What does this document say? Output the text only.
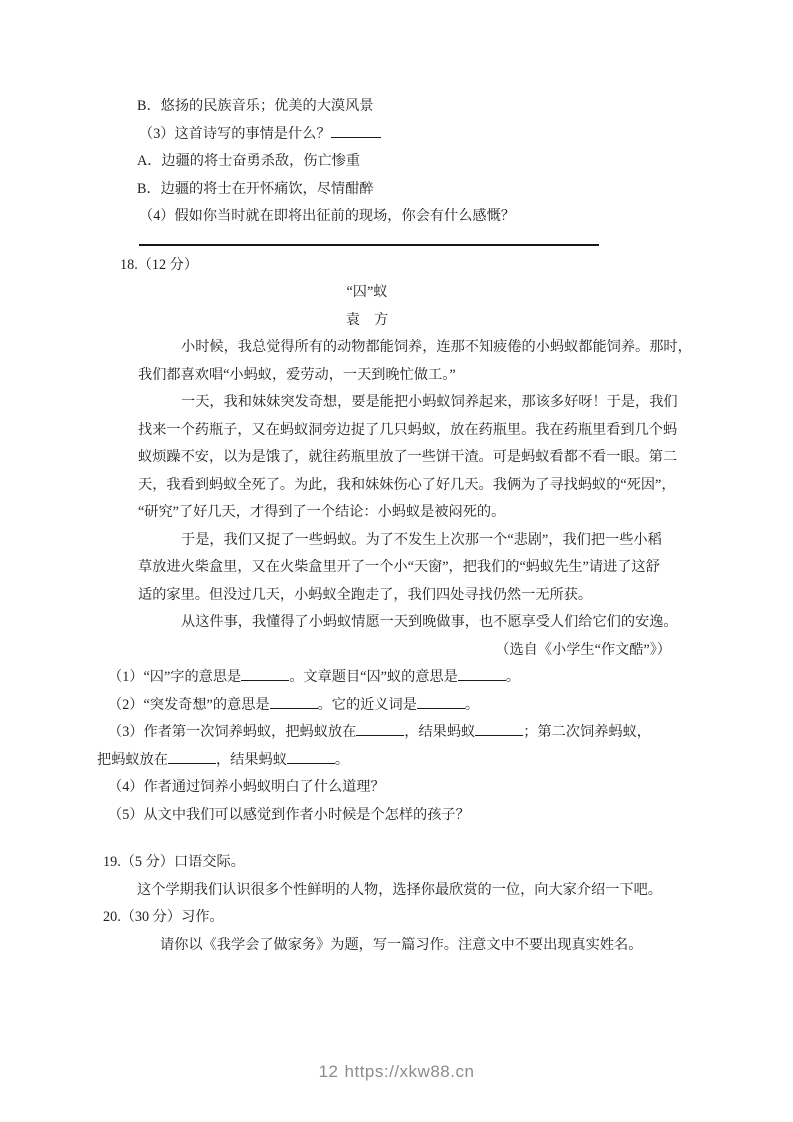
B．悠扬的民族音乐；优美的大漠风景
（3）这首诗写的事情是什么？
A．边疆的将士奋勇杀敌，伤亡惨重
B．边疆的将士在开怀痛饮，尽情酣醉
（4）假如你当时就在即将出征前的现场，你会有什么感慨？
18.（12 分）
“囚”蚁
袁　方
小时候，我总觉得所有的动物都能饲养，连那不知疲倦的小蚂蚁都能饲养。那时，
我们都喜欢唱“小蚂蚁，爱劳动，一天到晚忙做工。”
一天，我和妹妹突发奇想，要是能把小蚂蚁饲养起来，那该多好呀！于是，我们
找来一个药瓶子，又在蚂蚁洞旁边捉了几只蚂蚁，放在药瓶里。我在药瓶里看到几个蚂
蚁烦躁不安，以为是饿了，就往药瓶里放了一些饼干渣。可是蚂蚁看都不看一眼。第二
天，我看到蚂蚁全死了。为此，我和妹妹伤心了好几天。我俩为了寻找蚂蚁的“死因”，
“研究”了好几天，才得到了一个结论：小蚂蚁是被闷死的。
于是，我们又捉了一些蚂蚁。为了不发生上次那一个“悲剧”，我们把一些小稻
草放进火柴盒里，又在火柴盒里开了一个小“天窗”，把我们的“蚂蚁先生”请进了这舒
适的家里。但没过几天，小蚂蚁全跑走了，我们四处寻找仍然一无所获。
从这件事，我懂得了小蚂蚁情愿一天到晚做事，也不愿享受人们给它们的安逸。
（选自《小学生“作文酷”》）
（1）“囚”字的意思是	。文章题目“囚”蚁的意思是	。
（2）“突发奇想”的意思是	。它的近义词是	。
（3）作者第一次饲养蚂蚁，把蚂蚁放在	，结果蚂蚁	；第二次饲养蚂蚁，
把蚂蚁放在	，结果蚂蚁	。
（4）作者通过饲养小蚂蚁明白了什么道理？
（5）从文中我们可以感觉到作者小时候是个怎样的孩子？
19.（5 分）口语交际。
这个学期我们认识很多个性鲜明的人物，选择你最欣赏的一位，向大家介绍一下吧。
20.（30 分）习作。
请你以《我学会了做家务》为题，写一篇习作。注意文中不要出现真实姓名。
12 https://xkw88.cn
